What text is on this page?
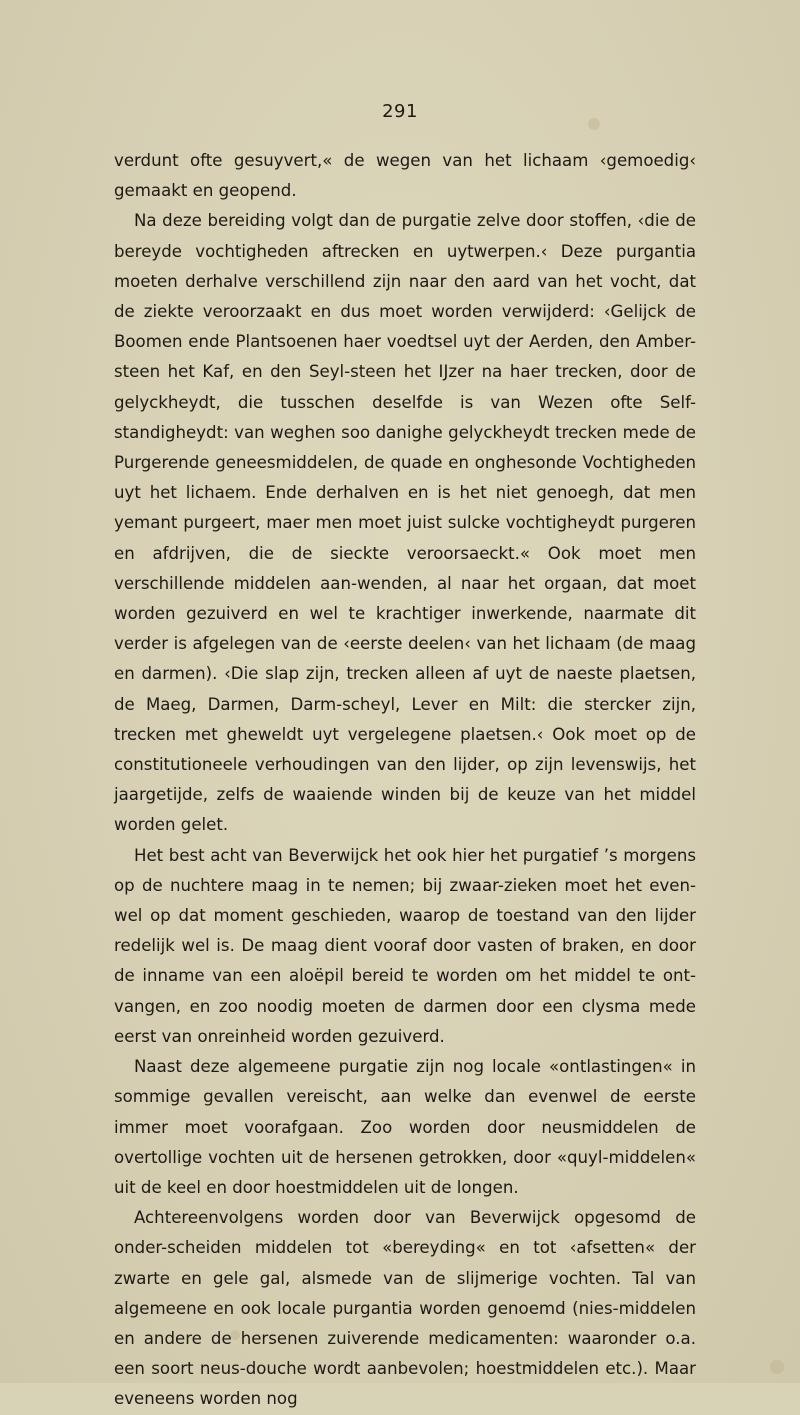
291

verdunt ofte gesuyvert,« de wegen van het lichaam ‹gemoedig‹ gemaakt en geopend.

Na deze bereiding volgt dan de purgatie zelve door stoffen, ‹die de bereyde vochtigheden aftrecken en uytwerpen.‹ Deze purgantia moeten derhalve verschillend zijn naar den aard van het vocht, dat de ziekte veroorzaakt en dus moet worden verwijderd: ‹Gelijck de Boomen ende Plantsoenen haer voedtsel uyt der Aerden, den Amber-steen het Kaf, en den Seyl-steen het IJzer na haer trecken, door de gelyckheydt, die tusschen deselfde is van Wezen ofte Self-standigheydt: van weghen soo danighe gelyckheydt trecken mede de Purgerende geneesmiddelen, de quade en onghesonde Vochtigheden uyt het lichaem. Ende derhalven en is het niet genoegh, dat men yemant purgeert, maer men moet juist sulcke vochtigheydt purgeren en afdrijven, die de sieckte veroorsaeckt.« Ook moet men verschillende middelen aan-wenden, al naar het orgaan, dat moet worden gezuiverd en wel te krachtiger inwerkende, naarmate dit verder is afgelegen van de ‹eerste deelen‹ van het lichaam (de maag en darmen). ‹Die slap zijn, trecken alleen af uyt de naeste plaetsen, de Maeg, Darmen, Darm-scheyl, Lever en Milt: die stercker zijn, trecken met gheweldt uyt vergelegene plaetsen.‹ Ook moet op de constitutioneele verhoudingen van den lijder, op zijn levenswijs, het jaargetijde, zelfs de waaiende winden bij de keuze van het middel worden gelet.

Het best acht van Beverwijck het ook hier het purgatief ’s morgens op de nuchtere maag in te nemen; bij zwaar-zieken moet het even-wel op dat moment geschieden, waarop de toestand van den lijder redelijk wel is. De maag dient vooraf door vasten of braken, en door de inname van een aloëpil bereid te worden om het middel te ont-vangen, en zoo noodig moeten de darmen door een clysma mede eerst van onreinheid worden gezuiverd.

Naast deze algemeene purgatie zijn nog locale «ontlastingen« in sommige gevallen vereischt, aan welke dan evenwel de eerste immer moet voorafgaan. Zoo worden door neusmiddelen de overtollige vochten uit de hersenen getrokken, door «quyl-middelen« uit de keel en door hoestmiddelen uit de longen.

Achtereenvolgens worden door van Beverwijck opgesomd de onder-scheiden middelen tot «bereyding« en tot ‹afsetten« der zwarte en gele gal, alsmede van de slijmerige vochten. Tal van algemeene en ook locale purgantia worden genoemd (nies-middelen en andere de hersenen zuiverende medicamenten: waaronder o.a. een soort neus-douche wordt aanbevolen; hoestmiddelen etc.). Maar eveneens worden nog
